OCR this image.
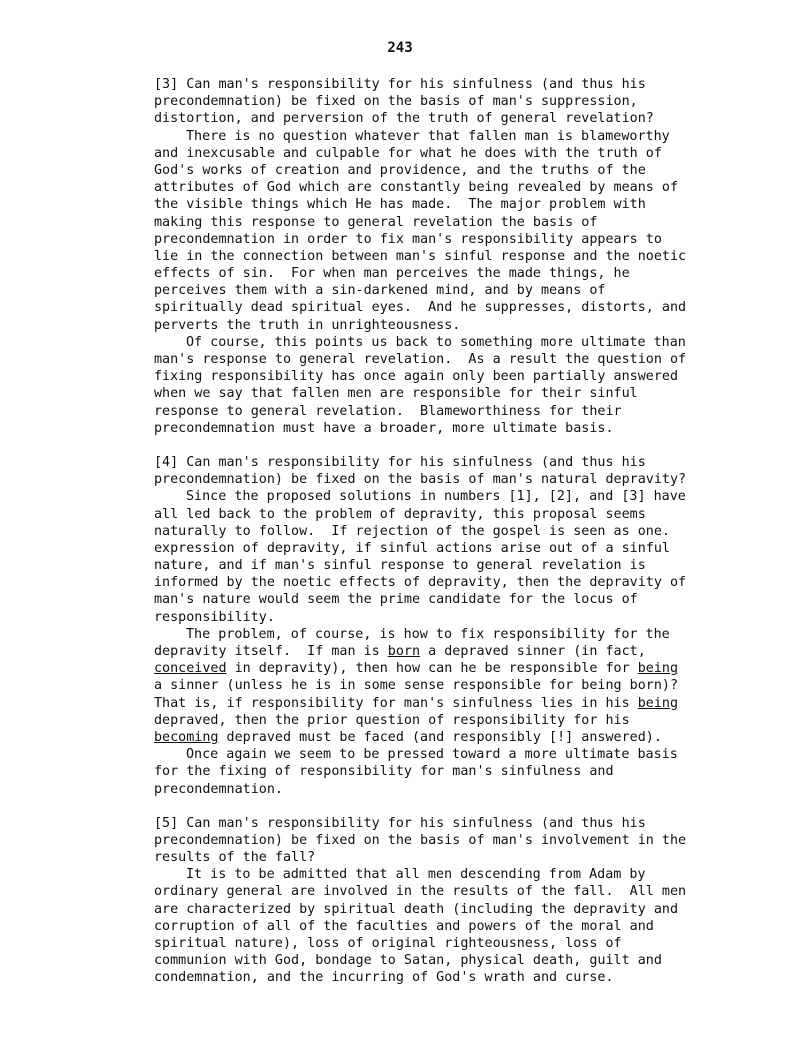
243
[3] Can man's responsibility for his sinfulness (and thus his
precondemnation) be fixed on the basis of man's suppression,
distortion, and perversion of the truth of general revelation?
There is no question whatever that fallen man is blameworthy
and inexcusable and culpable for what he does with the truth of
God's works of creation and providence, and the truths of the
attributes of God which are constantly being revealed by means of
the visible things which He has made.  The major problem with
making this response to general revelation the basis of
precondemnation in order to fix man's responsibility appears to
lie in the connection between man's sinful response and the noetic
effects of sin.  For when man perceives the made things, he
perceives them with a sin-darkened mind, and by means of
spiritually dead spiritual eyes.  And he suppresses, distorts, and
perverts the truth in unrighteousness.
Of course, this points us back to something more ultimate than
man's response to general revelation.  As a result the question of
fixing responsibility has once again only been partially answered
when we say that fallen men are responsible for their sinful
response to general revelation.  Blameworthiness for their
precondemnation must have a broader, more ultimate basis.
[4] Can man's responsibility for his sinfulness (and thus his
precondemnation) be fixed on the basis of man's natural depravity?
Since the proposed solutions in numbers [1], [2], and [3] have
all led back to the problem of depravity, this proposal seems
naturally to follow.  If rejection of the gospel is seen as one.
expression of depravity, if sinful actions arise out of a sinful
nature, and if man's sinful response to general revelation is
informed by the noetic effects of depravity, then the depravity of
man's nature would seem the prime candidate for the locus of
responsibility.
The problem, of course, is how to fix responsibility for the
depravity itself.  If man is born a depraved sinner (in fact,
conceived in depravity), then how can he be responsible for being
a sinner (unless he is in some sense responsible for being born)?
That is, if responsibility for man's sinfulness lies in his being
depraved, then the prior question of responsibility for his
becoming depraved must be faced (and responsibly [!] answered).
Once again we seem to be pressed toward a more ultimate basis
for the fixing of responsibility for man's sinfulness and
precondemnation.
[5] Can man's responsibility for his sinfulness (and thus his
precondemnation) be fixed on the basis of man's involvement in the
results of the fall?
It is to be admitted that all men descending from Adam by
ordinary general are involved in the results of the fall.  All men
are characterized by spiritual death (including the depravity and
corruption of all of the faculties and powers of the moral and
spiritual nature), loss of original righteousness, loss of
communion with God, bondage to Satan, physical death, guilt and
condemnation, and the incurring of God's wrath and curse.
